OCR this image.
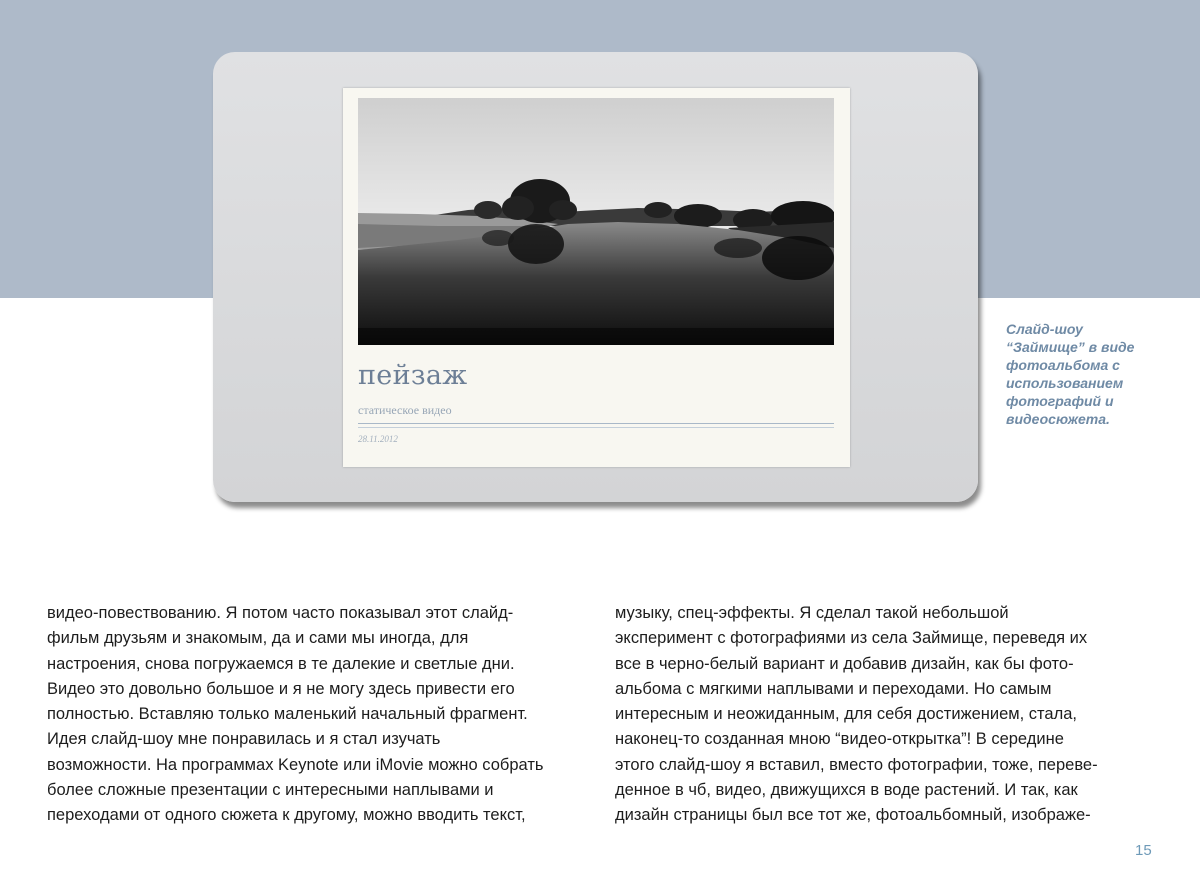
пейзаж
статическое видео
28.11.2012
Слайд-шоу
“Займище” в виде
фотоальбома с
использованием
фотографий и
видеосюжета.
видео-повествованию. Я потом часто показывал этот слайд-
фильм друзьям и знакомым, да и сами мы иногда, для
настроения, снова погружаемся в те далекие и светлые дни.
Видео это довольно большое и я не могу здесь привести его
полностью. Вставляю только маленький начальный фрагмент.
Идея слайд-шоу мне понравилась и я стал изучать
возможности. На программах Keynote или iMovie можно собрать
более сложные презентации с интересными наплывами и
переходами от одного сюжета к другому, можно вводить текст,
музыку, спец-эффекты. Я сделал такой небольшой
эксперимент с фотографиями из села Займище, переведя их
все в черно-белый вариант и добавив дизайн, как бы фото-
альбома с мягкими наплывами и переходами. Но самым
интересным и неожиданным, для себя достижением, стала,
наконец-то созданная мною “видео-открытка”! В середине
этого слайд-шоу я вставил, вместо фотографии, тоже, переве-
денное в чб, видео, движущихся в воде растений. И так, как
дизайн страницы был все тот же, фотоальбомный, изображе-
15
